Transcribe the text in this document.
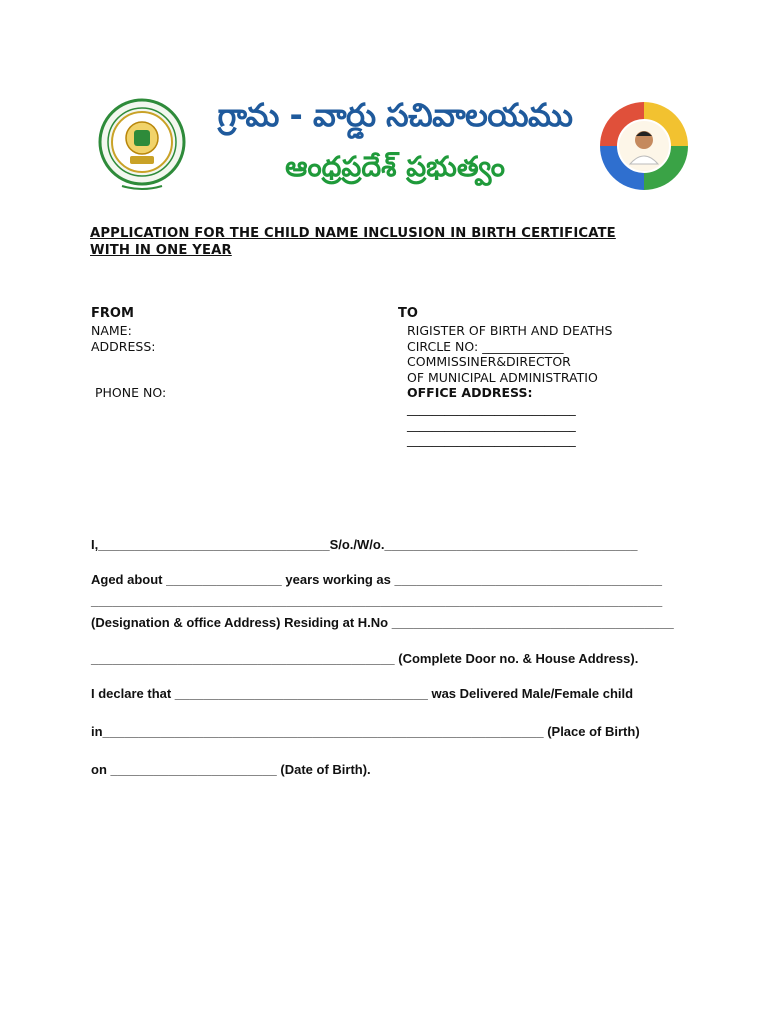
గ్రామ - వార్డు సచివాలయము
ఆంధ్రప్రదేశ్ ప్రభుత్వం
APPLICATION FOR THE CHILD NAME INCLUSION IN BIRTH CERTIFICATE
WITH IN ONE YEAR
FROM
NAME:
ADDRESS:
PHONE NO:
TO
RIGISTER OF BIRTH AND DEATHS
CIRCLE NO: _____________
COMMISSINER&DIRECTOR
OF MUNICIPAL ADMINISTRATIO
OFFICE ADDRESS:
___________________________
___________________________
___________________________
I,________________________________S/o./W/o.___________________________________
Aged about ________________ years working as _____________________________________
_______________________________________________________________________________
(Designation & office Address) Residing at H.No _______________________________________
__________________________________________ (Complete Door no. & House Address).
I declare that ___________________________________ was Delivered Male/Female child
in_____________________________________________________________ (Place of Birth)
on _______________________ (Date of Birth).
